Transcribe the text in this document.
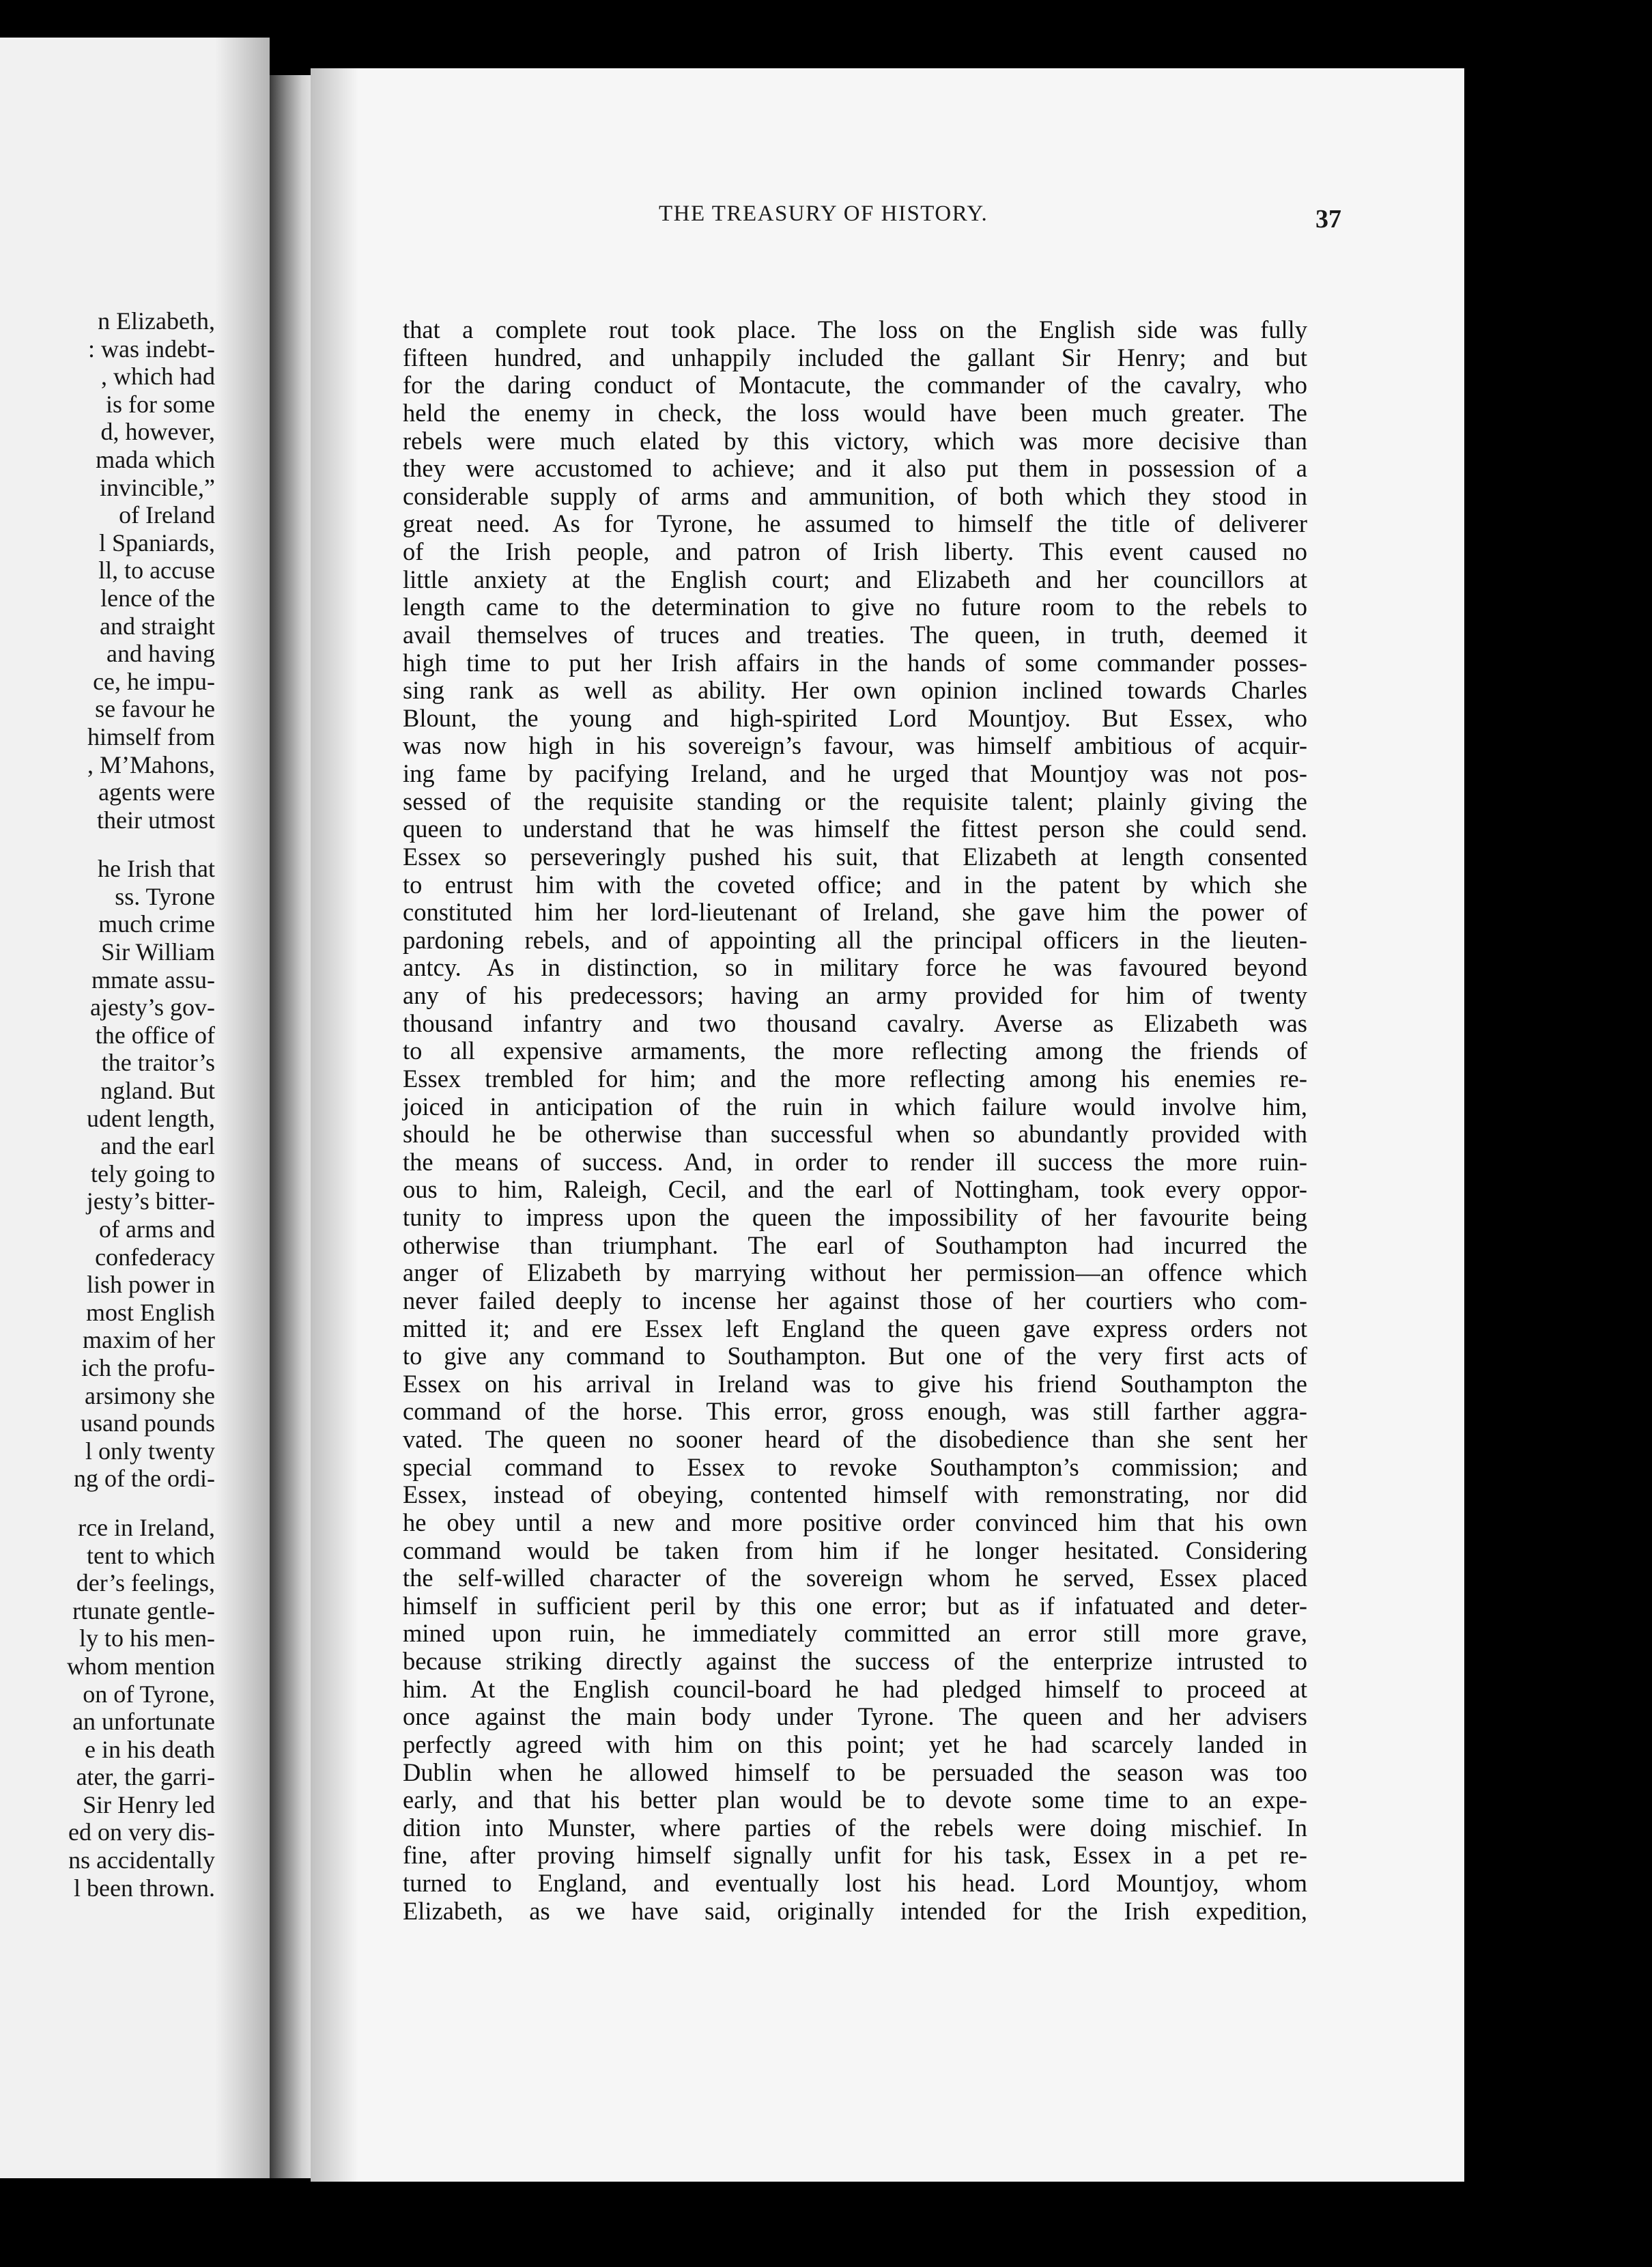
n Elizabeth,
: was indebt-
, which had
is for some
d, however,
mada which
invincible,”
of Ireland
l Spaniards,
ll, to accuse
lence of the
and straight
and having
ce, he impu-
se favour he
himself from
, M’Mahons,
agents were
their utmost
he Irish that
ss. Tyrone
much crime
Sir William
mmate assu-
ajesty’s gov-
the office of
the traitor’s
ngland. But
udent length,
and the earl
tely going to
jesty’s bitter-
of arms and
confederacy
lish power in
most English
maxim of her
ich the profu-
arsimony she
usand pounds
l only twenty
ng of the ordi-
rce in Ireland,
tent to which
der’s feelings,
rtunate gentle-
ly to his men-
whom mention
on of Tyrone,
an unfortunate
e in his death
ater, the garri-
Sir Henry led
ed on very dis-
ns accidentally
l been thrown.
THE TREASURY OF HISTORY.	37
that a complete rout took place. The loss on the English side was fully
fifteen hundred, and unhappily included the gallant Sir Henry; and but
for the daring conduct of Montacute, the commander of the cavalry, who
held the enemy in check, the loss would have been much greater. The
rebels were much elated by this victory, which was more decisive than
they were accustomed to achieve; and it also put them in possession of a
considerable supply of arms and ammunition, of both which they stood in
great need. As for Tyrone, he assumed to himself the title of deliverer
of the Irish people, and patron of Irish liberty. This event caused no
little anxiety at the English court; and Elizabeth and her councillors at
length came to the determination to give no future room to the rebels to
avail themselves of truces and treaties. The queen, in truth, deemed it
high time to put her Irish affairs in the hands of some commander posses-
sing rank as well as ability. Her own opinion inclined towards Charles
Blount, the young and high-spirited Lord Mountjoy. But Essex, who
was now high in his sovereign’s favour, was himself ambitious of acquir-
ing fame by pacifying Ireland, and he urged that Mountjoy was not pos-
sessed of the requisite standing or the requisite talent; plainly giving the
queen to understand that he was himself the fittest person she could send.
Essex so perseveringly pushed his suit, that Elizabeth at length consented
to entrust him with the coveted office; and in the patent by which she
constituted him her lord-lieutenant of Ireland, she gave him the power of
pardoning rebels, and of appointing all the principal officers in the lieuten-
antcy. As in distinction, so in military force he was favoured beyond
any of his predecessors; having an army provided for him of twenty
thousand infantry and two thousand cavalry. Averse as Elizabeth was
to all expensive armaments, the more reflecting among the friends of
Essex trembled for him; and the more reflecting among his enemies re-
joiced in anticipation of the ruin in which failure would involve him,
should he be otherwise than successful when so abundantly provided with
the means of success. And, in order to render ill success the more ruin-
ous to him, Raleigh, Cecil, and the earl of Nottingham, took every oppor-
tunity to impress upon the queen the impossibility of her favourite being
otherwise than triumphant. The earl of Southampton had incurred the
anger of Elizabeth by marrying without her permission—an offence which
never failed deeply to incense her against those of her courtiers who com-
mitted it; and ere Essex left England the queen gave express orders not
to give any command to Southampton. But one of the very first acts of
Essex on his arrival in Ireland was to give his friend Southampton the
command of the horse. This error, gross enough, was still farther aggra-
vated. The queen no sooner heard of the disobedience than she sent her
special command to Essex to revoke Southampton’s commission; and
Essex, instead of obeying, contented himself with remonstrating, nor did
he obey until a new and more positive order convinced him that his own
command would be taken from him if he longer hesitated. Considering
the self-willed character of the sovereign whom he served, Essex placed
himself in sufficient peril by this one error; but as if infatuated and deter-
mined upon ruin, he immediately committed an error still more grave,
because striking directly against the success of the enterprize intrusted to
him. At the English council-board he had pledged himself to proceed at
once against the main body under Tyrone. The queen and her advisers
perfectly agreed with him on this point; yet he had scarcely landed in
Dublin when he allowed himself to be persuaded the season was too
early, and that his better plan would be to devote some time to an expe-
dition into Munster, where parties of the rebels were doing mischief. In
fine, after proving himself signally unfit for his task, Essex in a pet re-
turned to England, and eventually lost his head. Lord Mountjoy, whom
Elizabeth, as we have said, originally intended for the Irish expedition,
